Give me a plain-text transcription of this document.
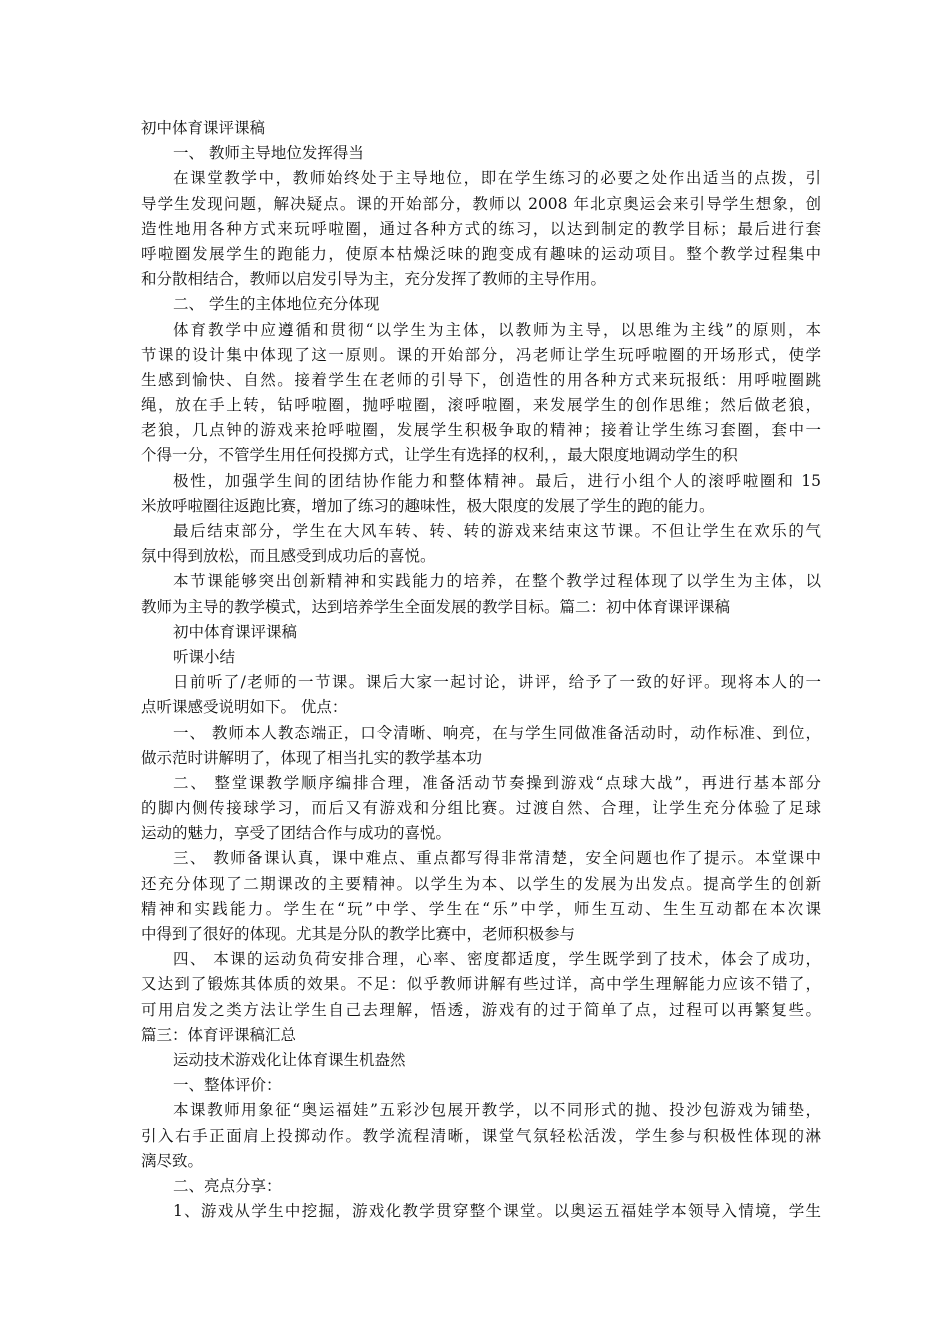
初中体育课评课稿
一、 教师主导地位发挥得当
在课堂教学中，教师始终处于主导地位，即在学生练习的必要之处作出适当的点拨，引
导学生发现问题，解决疑点。课的开始部分，教师以 2008 年北京奥运会来引导学生想象，创
造性地用各种方式来玩呼啦圈，通过各种方式的练习，以达到制定的教学目标；最后进行套
呼啦圈发展学生的跑能力，使原本枯燥泛味的跑变成有趣味的运动项目。整个教学过程集中
和分散相结合，教师以启发引导为主，充分发挥了教师的主导作用。
二、 学生的主体地位充分体现
体育教学中应遵循和贯彻“以学生为主体，以教师为主导，以思维为主线”的原则，本
节课的设计集中体现了这一原则。课的开始部分，冯老师让学生玩呼啦圈的开场形式，使学
生感到愉快、自然。接着学生在老师的引导下，创造性的用各种方式来玩报纸：用呼啦圈跳
绳，放在手上转，钻呼啦圈，抛呼啦圈，滚呼啦圈，来发展学生的创作思维；然后做老狼，
老狼，几点钟的游戏来抢呼啦圈，发展学生积极争取的精神；接着让学生练习套圈，套中一
个得一分，不管学生用任何投掷方式，让学生有选择的权利，，最大限度地调动学生的积
极性，加强学生间的团结协作能力和整体精神。最后，进行小组个人的滚呼啦圈和 15
米放呼啦圈往返跑比赛，增加了练习的趣味性，极大限度的发展了学生的跑的能力。
最后结束部分，学生在大风车转、转、转的游戏来结束这节课。不但让学生在欢乐的气
氛中得到放松，而且感受到成功后的喜悦。
本节课能够突出创新精神和实践能力的培养，在整个教学过程体现了以学生为主体，以
教师为主导的教学模式，达到培养学生全面发展的教学目标。篇二：初中体育课评课稿
初中体育课评课稿
听课小结
日前听了/老师的一节课。课后大家一起讨论，讲评，给予了一致的好评。现将本人的一
点听课感受说明如下。 优点：
一、 教师本人教态端正，口令清晰、响亮，在与学生同做准备活动时，动作标准、到位，
做示范时讲解明了，体现了相当扎实的教学基本功
二、 整堂课教学顺序编排合理，准备活动节奏操到游戏“点球大战”，再进行基本部分
的脚内侧传接球学习，而后又有游戏和分组比赛。过渡自然、合理，让学生充分体验了足球
运动的魅力，享受了团结合作与成功的喜悦。
三、 教师备课认真，课中难点、重点都写得非常清楚，安全问题也作了提示。本堂课中
还充分体现了二期课改的主要精神。以学生为本、以学生的发展为出发点。提高学生的创新
精神和实践能力。学生在“玩”中学、学生在“乐”中学，师生互动、生生互动都在本次课
中得到了很好的体现。尤其是分队的教学比赛中，老师积极参与
四、 本课的运动负荷安排合理，心率、密度都适度，学生既学到了技术，体会了成功，
又达到了锻炼其体质的效果。不足：似乎教师讲解有些过详，高中学生理解能力应该不错了，
可用启发之类方法让学生自己去理解，悟透，游戏有的过于简单了点，过程可以再繁复些。
篇三：体育评课稿汇总
运动技术游戏化让体育课生机盎然
一、整体评价：
本课教师用象征“奥运福娃”五彩沙包展开教学，以不同形式的抛、投沙包游戏为铺垫，
引入右手正面肩上投掷动作。教学流程清晰，课堂气氛轻松活泼，学生参与积极性体现的淋
漓尽致。
二、亮点分享：
1、游戏从学生中挖掘，游戏化教学贯穿整个课堂。以奥运五福娃学本领导入情境，学生
